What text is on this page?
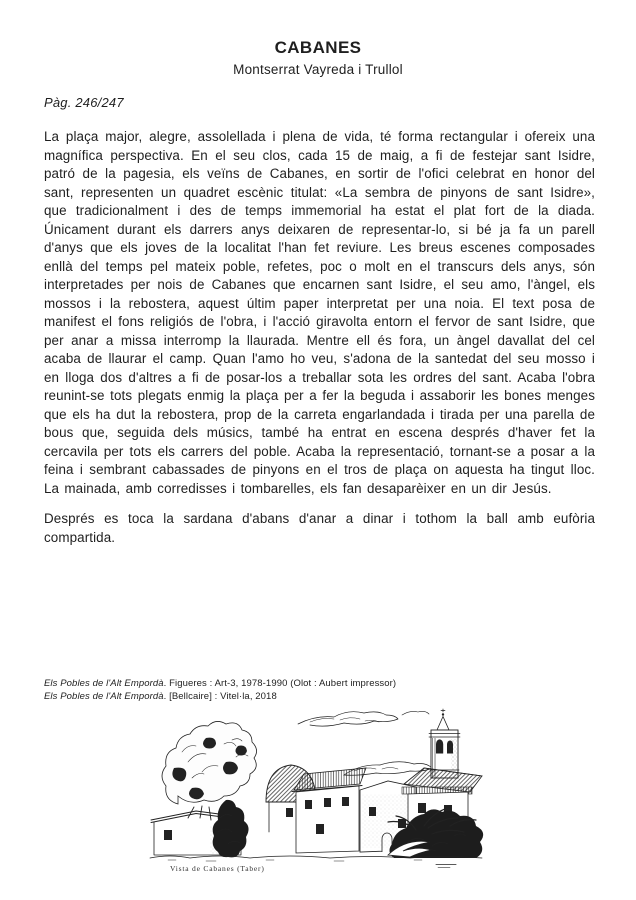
CABANES
Montserrat Vayreda i Trullol
Pàg. 246/247

La plaça major, alegre, assolellada i plena de vida, té forma rectangular i ofereix una magnífica perspectiva. En el seu clos, cada 15 de maig, a fi de festejar sant Isidre, patró de la pagesia, els veïns de Cabanes, en sortir de l'ofici celebrat en honor del sant, representen un quadret escènic titulat: «La sembra de pinyons de sant Isidre», que tradicionalment i des de temps immemorial ha estat el plat fort de la diada. Únicament durant els darrers anys deixaren de representar-lo, si bé ja fa un parell d'anys que els joves de la localitat l'han fet reviure. Les breus escenes composades enllà del temps pel mateix poble, refetes, poc o molt en el transcurs dels anys, són interpretades per nois de Cabanes que encarnen sant Isidre, el seu amo, l'àngel, els mossos i la rebostera, aquest últim paper interpretat per una noia. El text posa de manifest el fons religiós de l'obra, i l'acció giravolta entorn el fervor de sant Isidre, que per anar a missa interromp la llaurada. Mentre ell és fora, un àngel davallat del cel acaba de llaurar el camp. Quan l'amo ho veu, s'adona de la santedat del seu mosso i en lloga dos d'altres a fi de posar-los a treballar sota les ordres del sant. Acaba l'obra reunint-se tots plegats enmig la plaça per a fer la beguda i assaborir les bones menges que els ha dut la rebostera, prop de la carreta engarlandada i tirada per una parella de bous que, seguida dels músics, també ha entrat en escena després d'haver fet la cercavila per tots els carrers del poble. Acaba la representació, tornant-se a posar a la feina i sembrant cabassades de pinyons en el tros de plaça on aquesta ha tingut lloc. La mainada, amb corredisses i tombarelles, els fan desaparèixer en un dir Jesús.

Després es toca la sardana d'abans d'anar a dinar i tothom la ball amb eufòria compartida.

Els Pobles de l'Alt Empordà. Figueres : Art-3, 1978-1990 (Olot : Aubert impressor)
Els Pobles de l'Alt Empordà. [Bellcaire] : Vitel·la, 2018
Vista de Cabanes (Taber)
